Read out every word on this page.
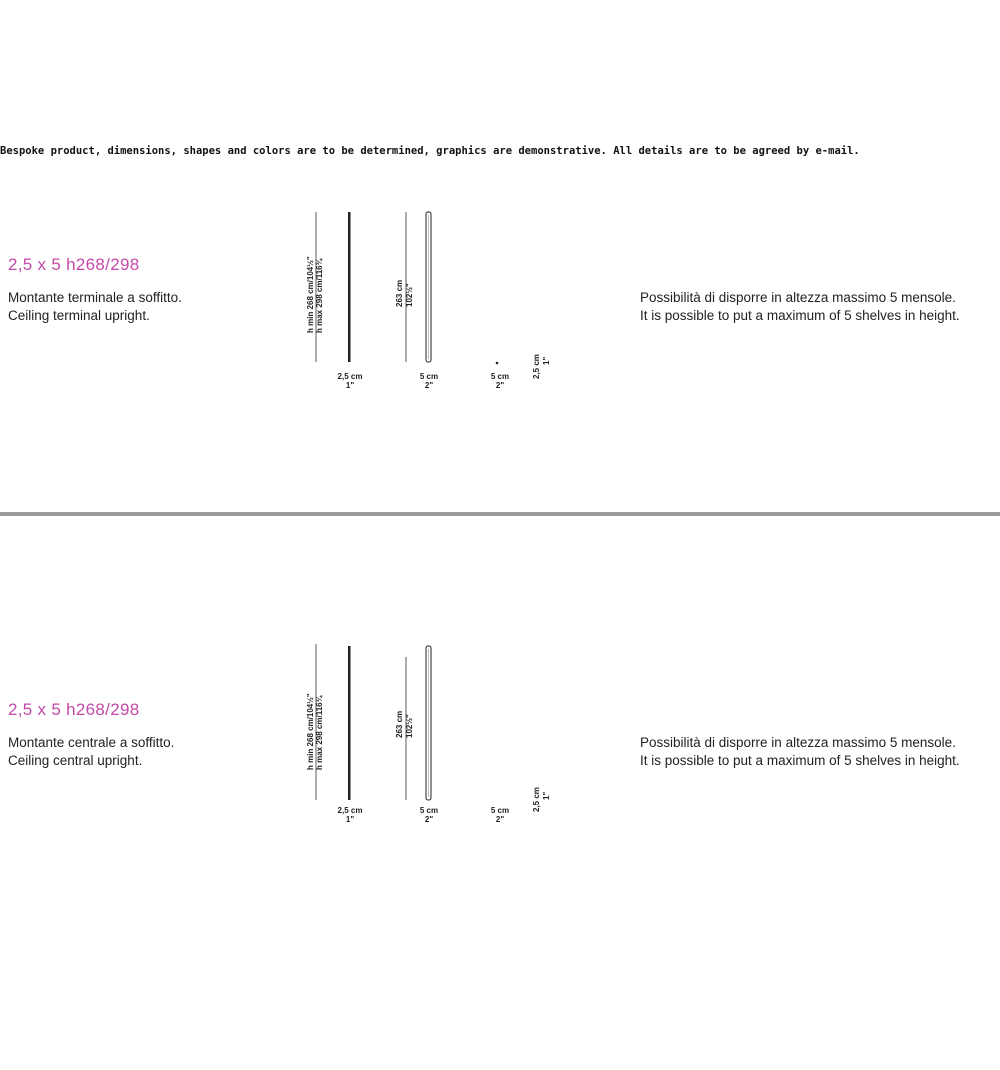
Bespoke product, dimensions, shapes and colors are to be determined, graphics are demonstrative. All details are to be agreed by e-mail.
2,5 x 5 h268/298
Montante terminale a soffitto.
Ceiling terminal upright.	h min 268 cm/104½" h max 298 cm/116¾	263 cm 102½"
2,5 cm
1"
5 cm
2"
5 cm
2"
2,5 cm 1"
Possibilità di disporre in altezza massimo 5 mensole.
It is possible to put a maximum of 5 shelves in height.
2,5 x 5 h268/298
Montante centrale a soffitto.
Ceiling central upright.	h min 268 cm/104½" h max 298 cm/116¾	263 cm 102½"
2,5 cm
1"
5 cm
2"
5 cm
2"
2,5 cm 1"
Possibilità di disporre in altezza massimo 5 mensole.
It is possible to put a maximum of 5 shelves in height.
